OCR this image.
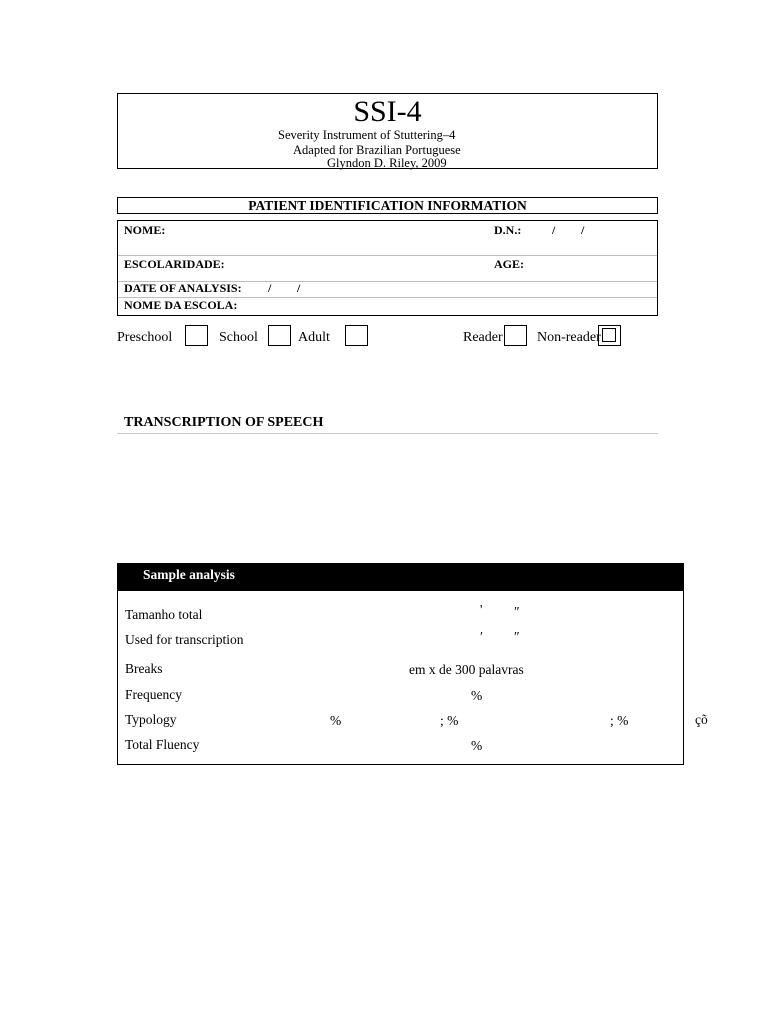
SSI-4
Severity Instrument of Stuttering–4
Adapted for Brazilian Portuguese
Glyndon D. Riley, 2009
PATIENT IDENTIFICATION INFORMATION
NOME:	D.N.:	/ /
ESCOLARIDADE:	AGE:
DATE OF ANALYSIS: / /
NOME DA ESCOLA:
Preschool	School	Adult	Reader Non-reader
TRANSCRIPTION OF SPEECH
Sample analysis
Tamanho total	' ″
Used for transcription	′ ″
Breaks	em x de 300 palavras
Frequency	%
Typology	%	; %	; %
Total Fluency	%
çõ
